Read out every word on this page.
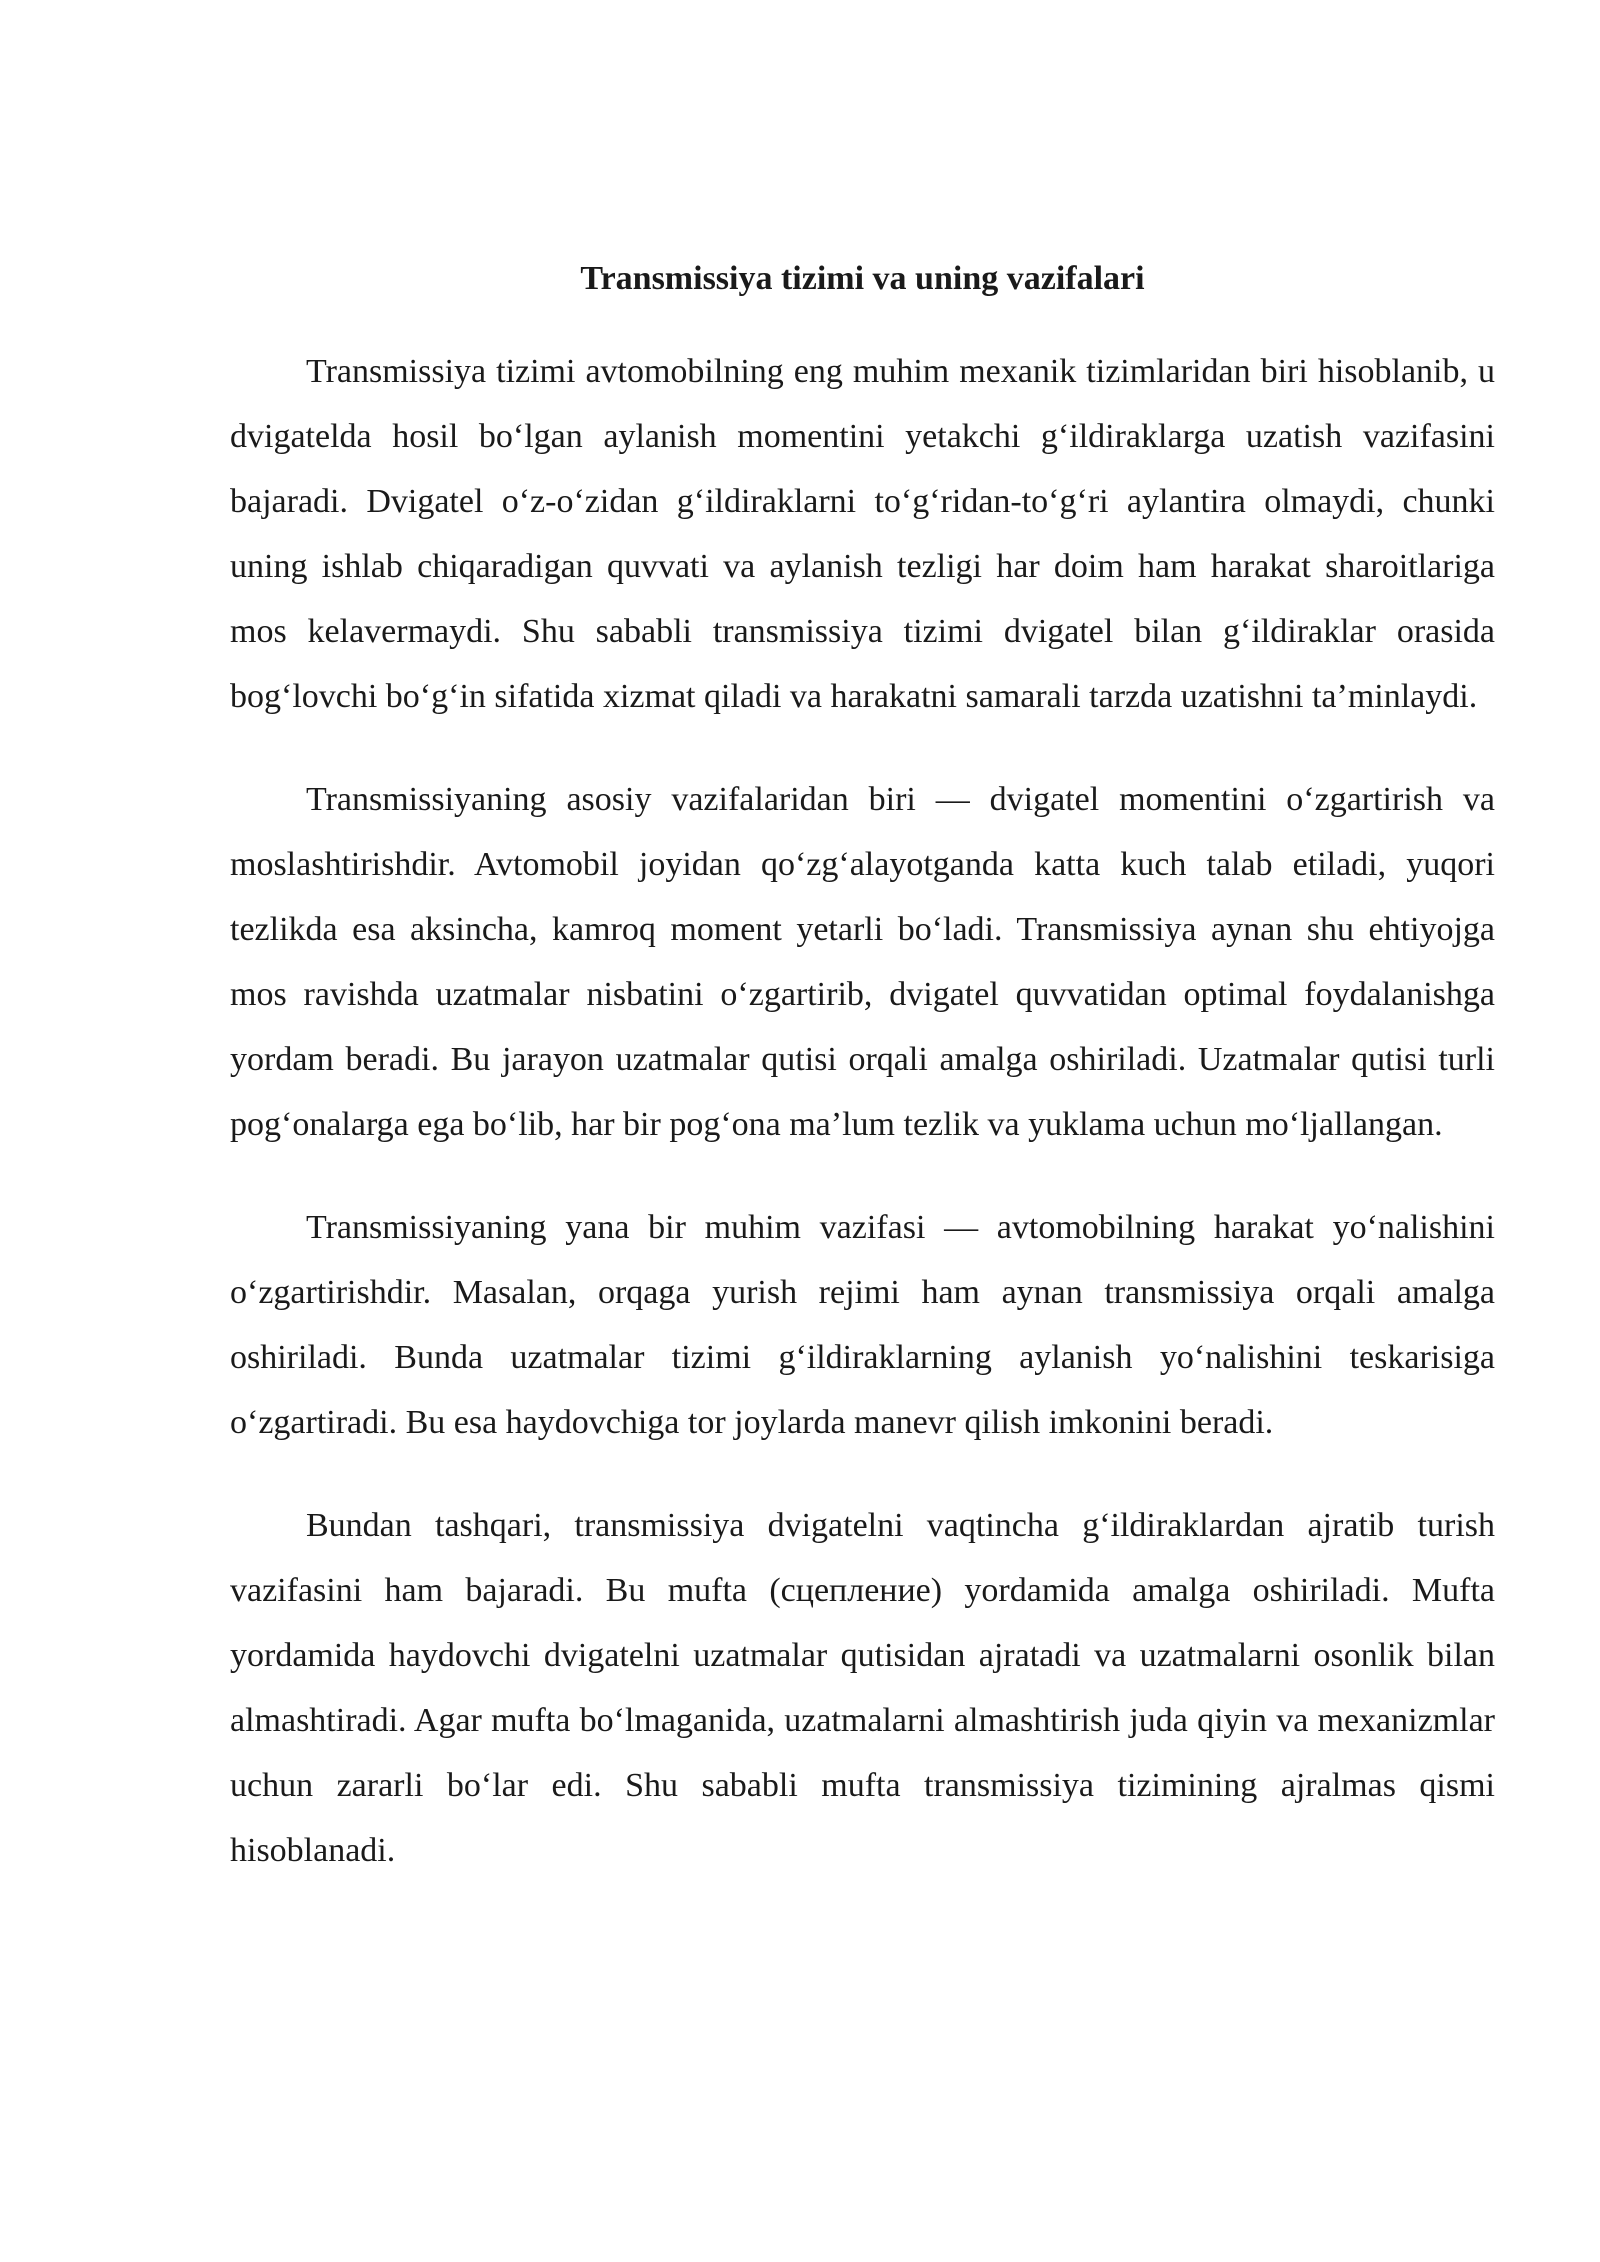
Transmissiya tizimi va uning vazifalari

Transmissiya tizimi avtomobilning eng muhim mexanik tizimlaridan biri hisoblanib, u dvigatelda hosil bo‘lgan aylanish momentini yetakchi g‘ildiraklarga uzatish vazifasini bajaradi. Dvigatel o‘z-o‘zidan g‘ildiraklarni to‘g‘ridan-to‘g‘ri aylantira olmaydi, chunki uning ishlab chiqaradigan quvvati va aylanish tezligi har doim ham harakat sharoitlariga mos kelavermaydi. Shu sababli transmissiya tizimi dvigatel bilan g‘ildiraklar orasida bog‘lovchi bo‘g‘in sifatida xizmat qiladi va harakatni samarali tarzda uzatishni ta’minlaydi.

Transmissiyaning asosiy vazifalaridan biri — dvigatel momentini o‘zgartirish va moslashtirishdir. Avtomobil joyidan qo‘zg‘alayotganda katta kuch talab etiladi, yuqori tezlikda esa aksincha, kamroq moment yetarli bo‘ladi. Transmissiya aynan shu ehtiyojga mos ravishda uzatmalar nisbatini o‘zgartirib, dvigatel quvvatidan optimal foydalanishga yordam beradi. Bu jarayon uzatmalar qutisi orqali amalga oshiriladi. Uzatmalar qutisi turli pog‘onalarga ega bo‘lib, har bir pog‘ona ma’lum tezlik va yuklama uchun mo‘ljallangan.

Transmissiyaning yana bir muhim vazifasi — avtomobilning harakat yo‘nalishini o‘zgartirishdir. Masalan, orqaga yurish rejimi ham aynan transmissiya orqali amalga oshiriladi. Bunda uzatmalar tizimi g‘ildiraklarning aylanish yo‘nalishini teskarisiga o‘zgartiradi. Bu esa haydovchiga tor joylarda manevr qilish imkonini beradi.

Bundan tashqari, transmissiya dvigatelni vaqtincha g‘ildiraklardan ajratib turish vazifasini ham bajaradi. Bu mufta (сцепление) yordamida amalga oshiriladi. Mufta yordamida haydovchi dvigatelni uzatmalar qutisidan ajratadi va uzatmalarni osonlik bilan almashtiradi. Agar mufta bo‘lmaganida, uzatmalarni almashtirish juda qiyin va mexanizmlar uchun zararli bo‘lar edi. Shu sababli mufta transmissiya tizimining ajralmas qismi hisoblanadi.
